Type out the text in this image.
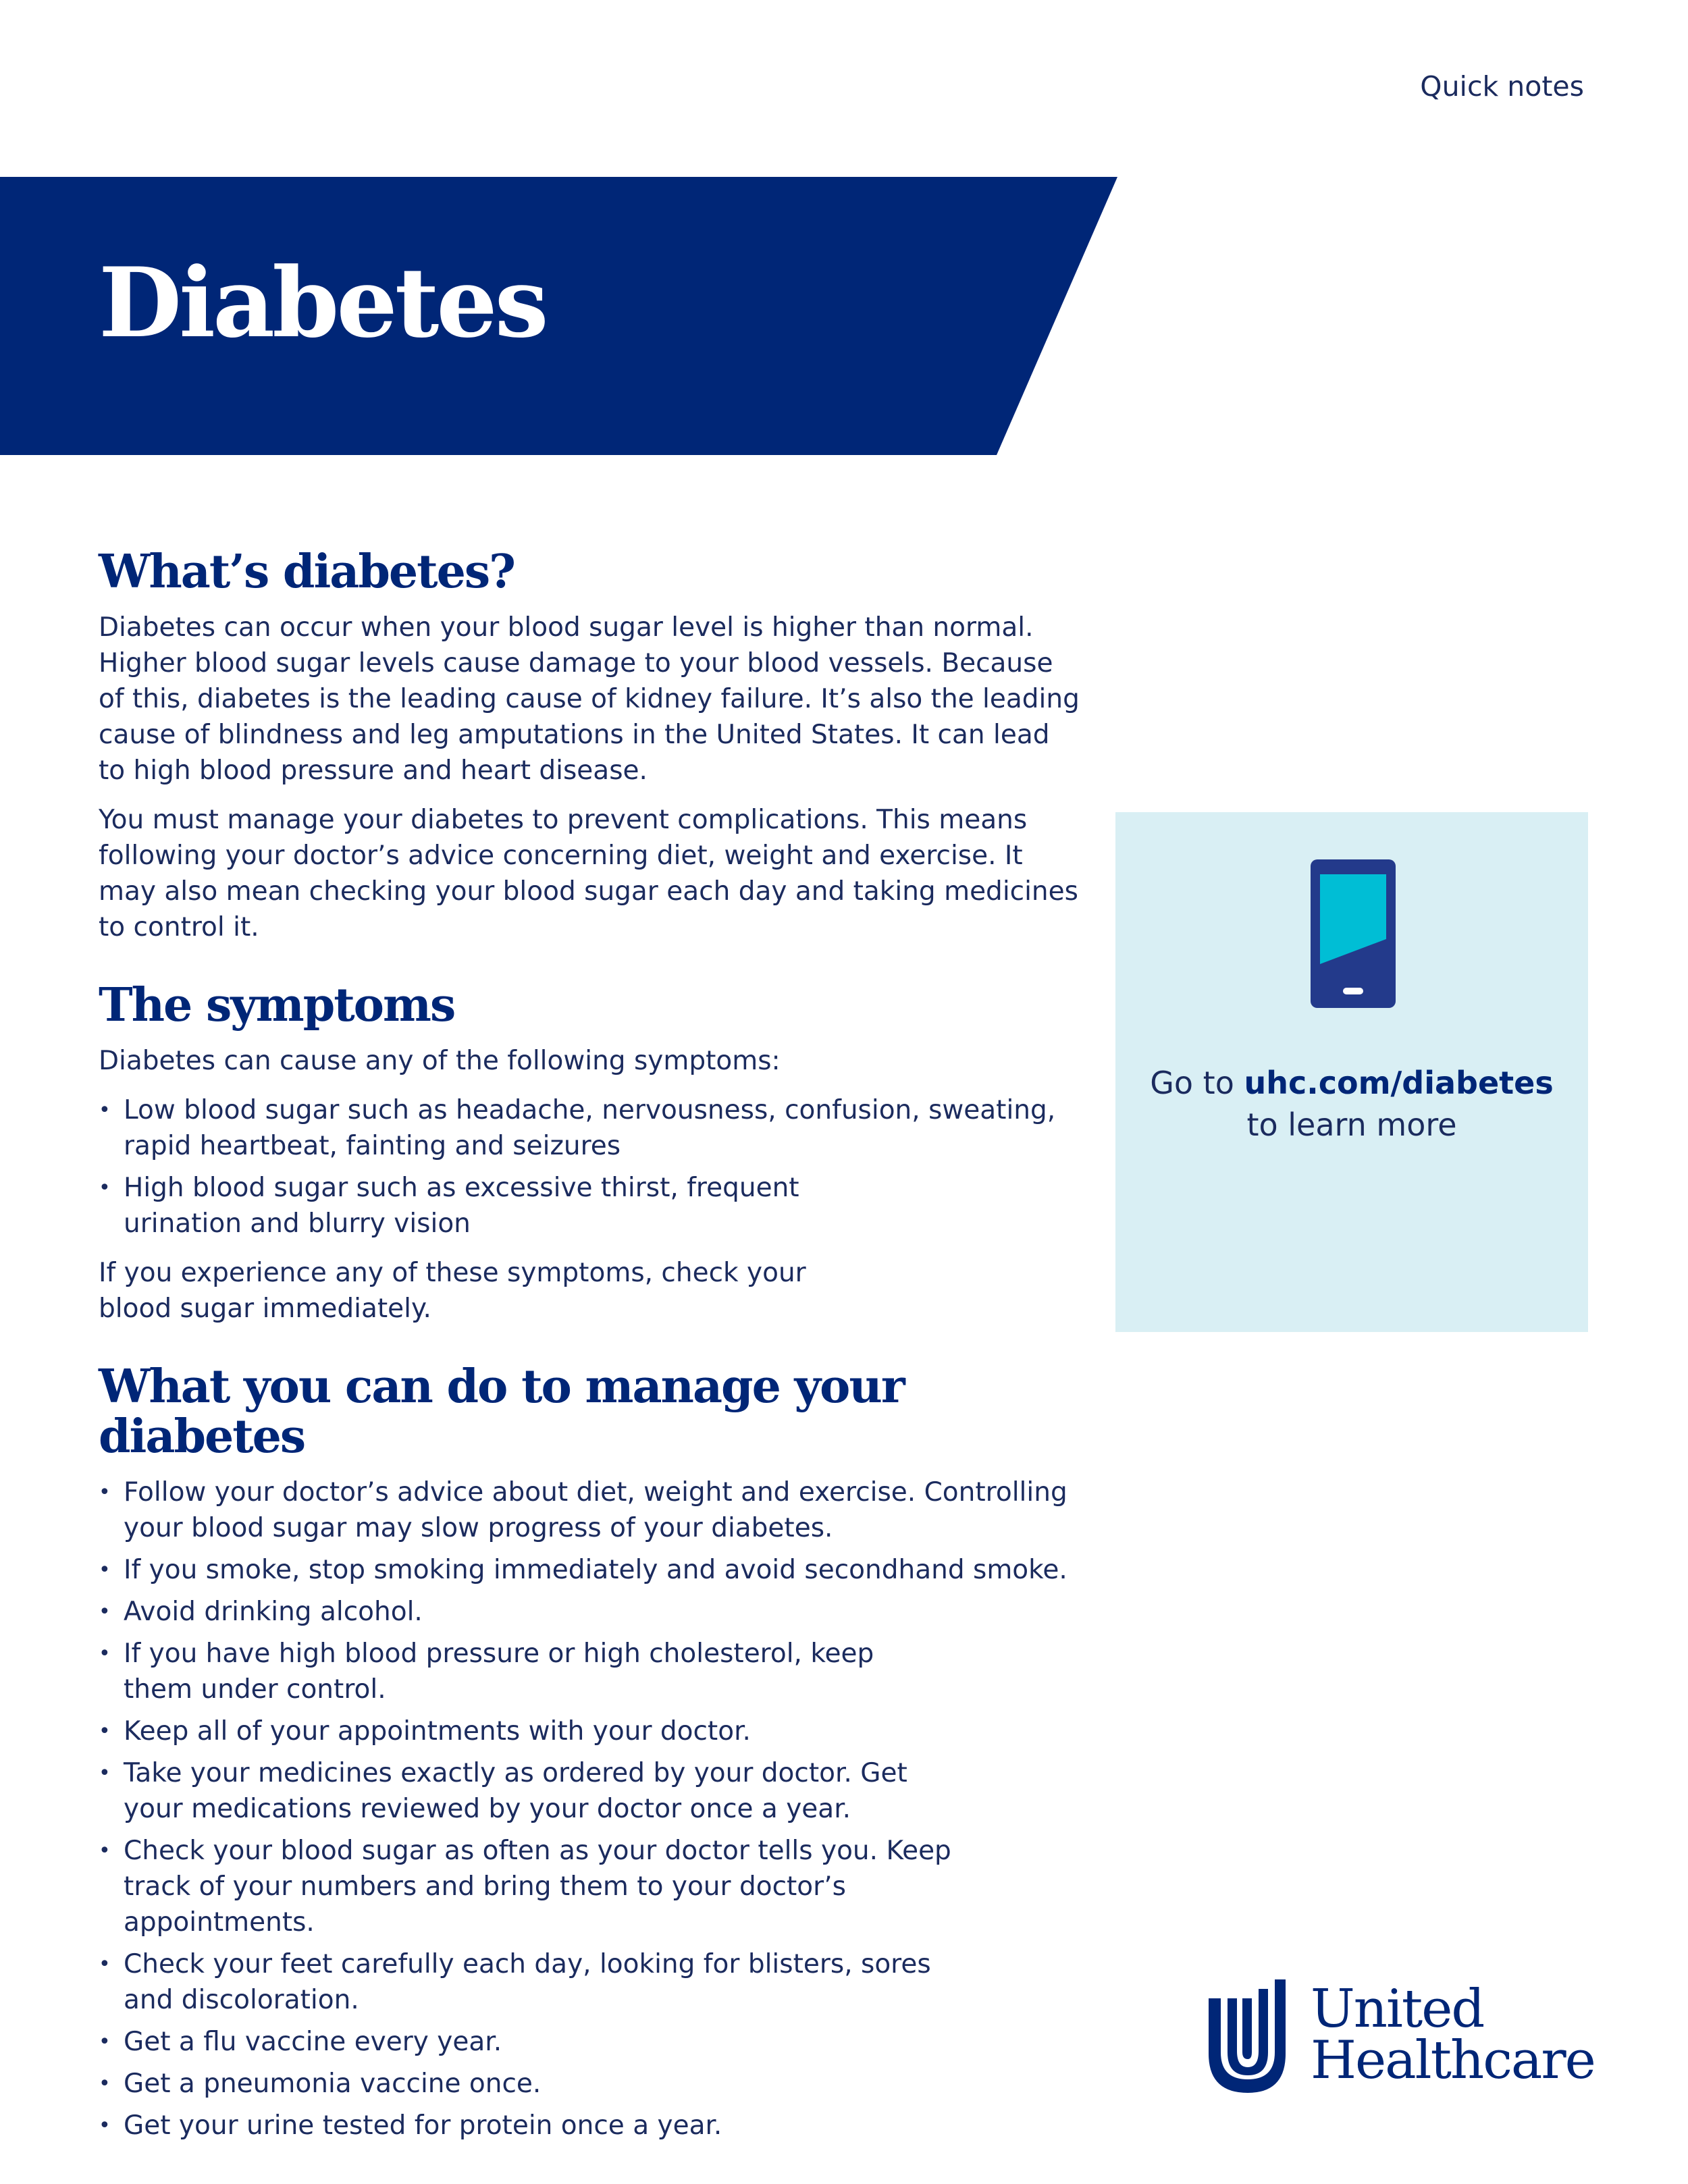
Quick notes
Diabetes
What’s diabetes?

Diabetes can occur when your blood sugar level is higher than normal. Higher blood sugar levels cause damage to your blood vessels. Because of this, diabetes is the leading cause of kidney failure. It’s also the leading cause of blindness and leg amputations in the United States. It can lead to high blood pressure and heart disease.

You must manage your diabetes to prevent complications. This means following your doctor’s advice concerning diet, weight and exercise. It may also mean checking your blood sugar each day and taking medicines to control it.

The symptoms

Diabetes can cause any of the following symptoms:

• Low blood sugar such as headache, nervousness, confusion, sweating, rapid heartbeat, fainting and seizures
• High blood sugar such as excessive thirst, frequent urination and blurry vision

If you experience any of these symptoms, check your blood sugar immediately.

What you can do to manage your diabetes
• Follow your doctor’s advice about diet, weight and exercise. Controlling your blood sugar may slow progress of your diabetes.
• If you smoke, stop smoking immediately and avoid secondhand smoke.
• Avoid drinking alcohol.
• If you have high blood pressure or high cholesterol, keep them under control.
• Keep all of your appointments with your doctor.
• Take your medicines exactly as ordered by your doctor. Get your medications reviewed by your doctor once a year.
• Check your blood sugar as often as your doctor tells you. Keep track of your numbers and bring them to your doctor’s appointments.
• Check your feet carefully each day, looking for blisters, sores and discoloration.
• Get a flu vaccine every year.
• Get a pneumonia vaccine once.
• Get your urine tested for protein once a year.
Go to uhc.com/diabetes
to learn more
United
Healthcare
